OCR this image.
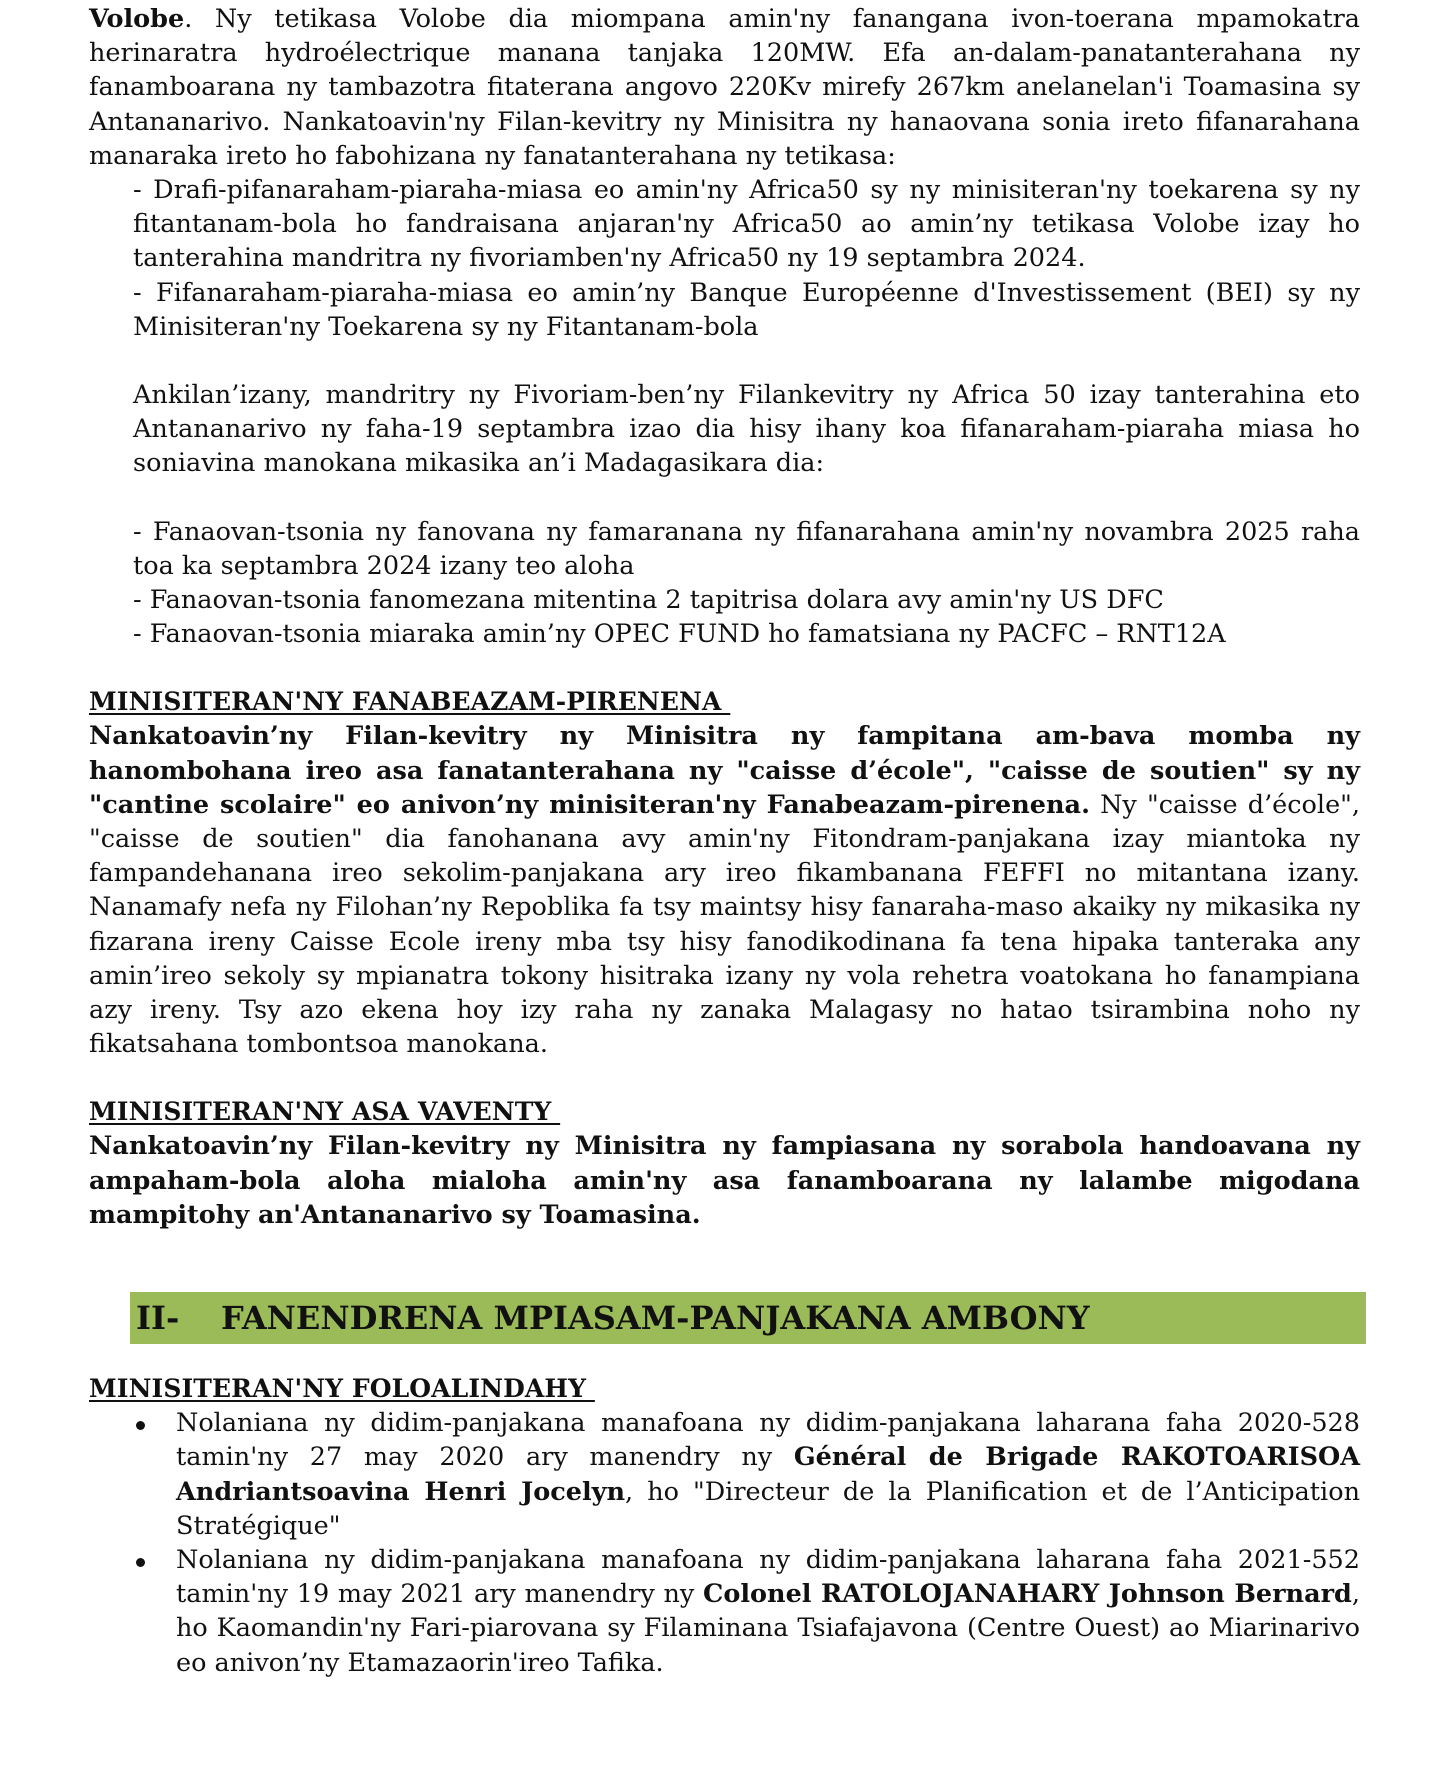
Volobe. Ny tetikasa Volobe dia miompana amin'ny fanangana ivon-toerana mpamokatra herinaratra hydroélectrique manana tanjaka 120MW. Efa an-dalam-panatanterahana ny fanamboarana ny tambazotra fitaterana angovo 220Kv mirefy 267km anelanelan'i Toamasina sy Antananarivo. Nankatoavin'ny Filan-kevitry ny Minisitra ny hanaovana sonia ireto fifanarahana manaraka ireto ho fabohizana ny fanatanterahana ny tetikasa:

- Drafi-pifanaraham-piaraha-miasa eo amin'ny Africa50 sy ny minisiteran'ny toekarena sy ny fitantanam-bola ho fandraisana anjaran'ny Africa50 ao amin’ny tetikasa Volobe izay ho tanterahina mandritra ny fivoriamben'ny Africa50 ny 19 septambra 2024.

- Fifanaraham-piaraha-miasa eo amin’ny Banque Européenne d'Investissement (BEI) sy ny Minisiteran'ny Toekarena sy ny Fitantanam-bola

Ankilan’izany, mandritry ny Fivoriam-ben’ny Filankevitry ny Africa 50 izay tanterahina eto Antananarivo ny faha-19 septambra izao dia hisy ihany koa fifanaraham-piaraha miasa ho soniavina manokana mikasika an’i Madagasikara dia:

- Fanaovan-tsonia ny fanovana ny famaranana ny fifanarahana amin'ny novambra 2025 raha toa ka septambra 2024 izany teo aloha

- Fanaovan-tsonia fanomezana mitentina 2 tapitrisa dolara avy amin'ny US DFC

- Fanaovan-tsonia miaraka amin’ny OPEC FUND ho famatsiana ny PACFC – RNT12A

MINISITERAN'NY FANABEAZAM-PIRENENA

Nankatoavin’ny Filan-kevitry ny Minisitra ny fampitana am-bava momba ny hanombohana ireo asa fanatanterahana ny "caisse d’école", "caisse de soutien" sy ny "cantine scolaire" eo anivon’ny minisiteran'ny Fanabeazam-pirenena. Ny "caisse d’école", "caisse de soutien" dia fanohanana avy amin'ny Fitondram-panjakana izay miantoka ny fampandehanana ireo sekolim-panjakana ary ireo fikambanana FEFFI no mitantana izany. Nanamafy nefa ny Filohan’ny Repoblika fa tsy maintsy hisy fanaraha-maso akaiky ny mikasika ny fizarana ireny Caisse Ecole ireny mba tsy hisy fanodikodinana fa tena hipaka tanteraka any amin’ireo sekoly sy mpianatra tokony hisitraka izany ny vola rehetra voatokana ho fanampiana azy ireny. Tsy azo ekena hoy izy raha ny zanaka Malagasy no hatao tsirambina noho ny fikatsahana tombontsoa manokana.

MINISITERAN'NY ASA VAVENTY

Nankatoavin’ny Filan-kevitry ny Minisitra ny fampiasana ny sorabola handoavana ny ampaham-bola aloha mialoha amin'ny asa fanamboarana ny lalambe migodana mampitohy an'Antananarivo sy Toamasina.

II-	FANENDRENA MPIASAM-PANJAKANA AMBONY
MINISITERAN'NY FOLOALINDAHY
Nolaniana ny didim-panjakana manafoana ny didim-panjakana laharana faha 2020-528 tamin'ny 27 may 2020 ary manendry ny Général de Brigade RAKOTOARISOA Andriantsoavina Henri Jocelyn, ho "Directeur de la Planification et de l’Anticipation Stratégique"
Nolaniana ny didim-panjakana manafoana ny didim-panjakana laharana faha 2021-552 tamin'ny 19 may 2021 ary manendry ny Colonel RATOLOJANAHARY Johnson Bernard, ho Kaomandin'ny Fari-piarovana sy Filaminana Tsiafajavona (Centre Ouest) ao Miarinarivo eo anivon’ny Etamazaorin'ireo Tafika.
